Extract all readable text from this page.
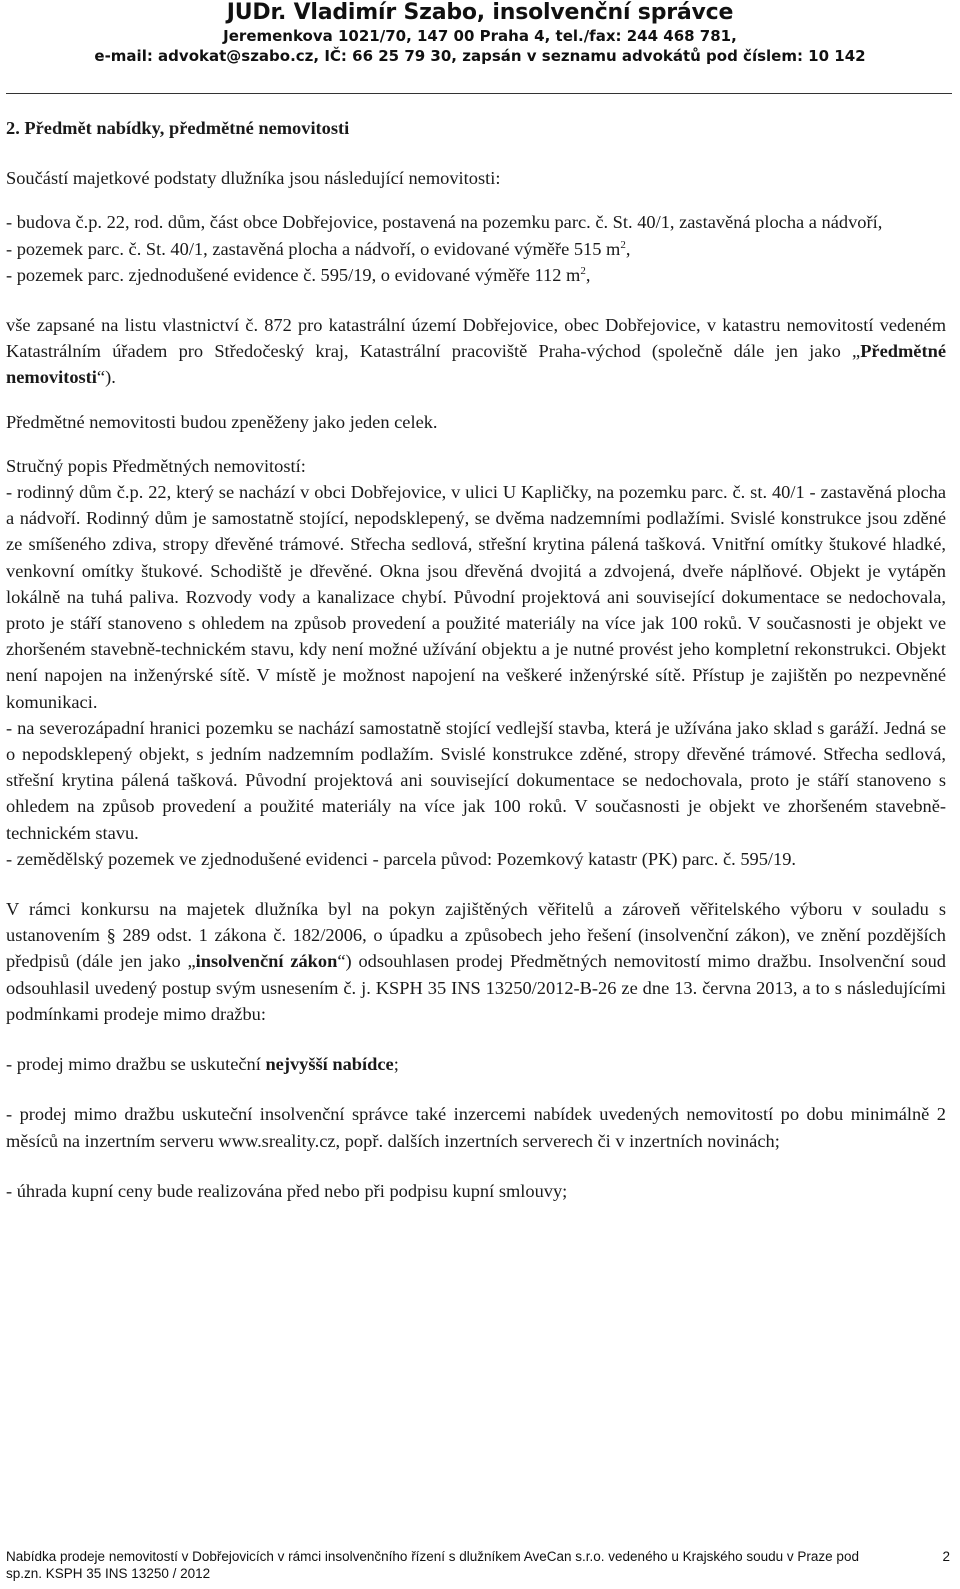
JUDr. Vladimír Szabo, insolvenční správce
Jeremenkova 1021/70, 147 00 Praha 4, tel./fax: 244 468 781,
e-mail: advokat@szabo.cz, IČ: 66 25 79 30, zapsán v seznamu advokátů pod číslem: 10 142

2. Předmět nabídky, předmětné nemovitosti

Součástí majetkové podstaty dlužníka jsou následující nemovitosti:

- budova č.p. 22, rod. dům, část obce Dobřejovice, postavená na pozemku parc. č. St. 40/1, zastavěná plocha a nádvoří,

- pozemek parc. č. St. 40/1, zastavěná plocha a nádvoří, o evidované výměře 515 $m^2$,

- pozemek parc. zjednodušené evidence č. 595/19, o evidované výměře 112 $m^2$,

vše zapsané na listu vlastnictví č. 872 pro katastrální území Dobřejovice, obec Dobřejovice, v katastru nemovitostí vedeném Katastrálním úřadem pro Středočeský kraj, Katastrální pracoviště Praha-východ (společně dále jen jako „Předmětné nemovitosti“).

Předmětné nemovitosti budou zpeněženy jako jeden celek.

Stručný popis Předmětných nemovitostí:

- rodinný dům č.p. 22, který se nachází v obci Dobřejovice, v ulici U Kapličky, na pozemku parc. č. st. 40/1 - zastavěná plocha a nádvoří. Rodinný dům je samostatně stojící, nepodsklepený, se dvěma nadzemními podlažími. Svislé konstrukce jsou zděné ze smíšeného zdiva, stropy dřevěné trámové. Střecha sedlová, střešní krytina pálená tašková. Vnitřní omítky štukové hladké, venkovní omítky štukové. Schodiště je dřevěné. Okna jsou dřevěná dvojitá a zdvojená, dveře náplňové. Objekt je vytápěn lokálně na tuhá paliva. Rozvody vody a kanalizace chybí. Původní projektová ani související dokumentace se nedochovala, proto je stáří stanoveno s ohledem na způsob provedení a použité materiály na více jak 100 roků. V současnosti je objekt ve zhoršeném stavebně-technickém stavu, kdy není možné užívání objektu a je nutné provést jeho kompletní rekonstrukci. Objekt není napojen na inženýrské sítě. V místě je možnost napojení na veškeré inženýrské sítě. Přístup je zajištěn po nezpevněné komunikaci.

- na severozápadní hranici pozemku se nachází samostatně stojící vedlejší stavba, která je užívána jako sklad s garáží. Jedná se o nepodsklepený objekt, s jedním nadzemním podlažím. Svislé konstrukce zděné, stropy dřevěné trámové. Střecha sedlová, střešní krytina pálená tašková. Původní projektová ani související dokumentace se nedochovala, proto je stáří stanoveno s ohledem na způsob provedení a použité materiály na více jak 100 roků. V současnosti je objekt ve zhoršeném stavebně-technickém stavu.

- zemědělský pozemek ve zjednodušené evidenci - parcela původ: Pozemkový katastr (PK) parc. č. 595/19.

V rámci konkursu na majetek dlužníka byl na pokyn zajištěných věřitelů a zároveň věřitelského výboru v souladu s ustanovením § 289 odst. 1 zákona č. 182/2006, o úpadku a způsobech jeho řešení (insolvenční zákon), ve znění pozdějších předpisů (dále jen jako „insolvenční zákon“) odsouhlasen prodej Předmětných nemovitostí mimo dražbu. Insolvenční soud odsouhlasil uvedený postup svým usnesením č. j. KSPH 35 INS 13250/2012-B-26 ze dne 13. června 2013, a to s následujícími podmínkami prodeje mimo dražbu:

- prodej mimo dražbu se uskuteční nejvyšší nabídce;

- prodej mimo dražbu uskuteční insolvenční správce také inzercemi nabídek uvedených nemovitostí po dobu minimálně 2 měsíců na inzertním serveru www.sreality.cz, popř. dalších inzertních serverech či v inzertních novinách;

- úhrada kupní ceny bude realizována před nebo při podpisu kupní smlouvy;

Nabídka prodeje nemovitostí v Dobřejovicích v rámci insolvenčního řízení s dlužníkem AveCan s.r.o. vedeného u Krajského soudu v Praze pod	2
sp.zn. KSPH 35 INS 13250 / 2012
